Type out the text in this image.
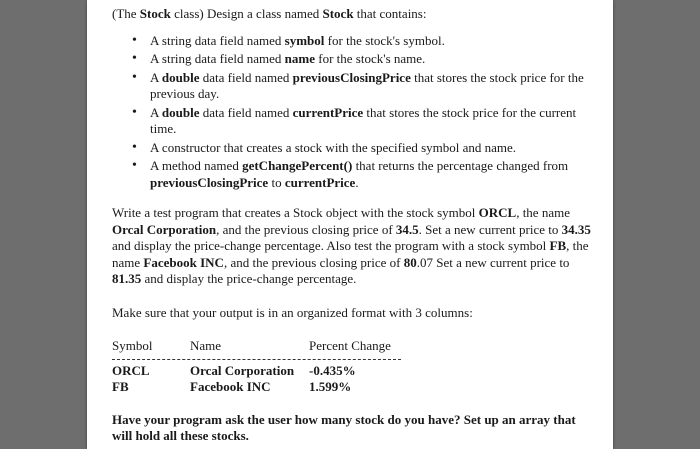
(The Stock class) Design a class named Stock that contains:

• A string data field named symbol for the stock's symbol.
• A string data field named name for the stock's name.
• A double data field named previousClosingPrice that stores the stock price for the previous day.
• A double data field named currentPrice that stores the stock price for the current time.
• A constructor that creates a stock with the specified symbol and name.
• A method named getChangePercent() that returns the percentage changed from previousClosingPrice to currentPrice.

Write a test program that creates a Stock object with the stock symbol ORCL, the name Orcal Corporation, and the previous closing price of 34.5. Set a new current price to 34.35 and display the price-change percentage. Also test the program with a stock symbol FB, the name Facebook INC, and the previous closing price of 80.07 Set a new current price to 81.35 and display the price-change percentage.

Make sure that your output is in an organized format with 3 columns:

Symbol	Name	Percent Change
ORCL	Orcal Corporation	-0.435%
FB	Facebook INC	1.599%

Have your program ask the user how many stock do you have? Set up an array that will hold all these stocks.
